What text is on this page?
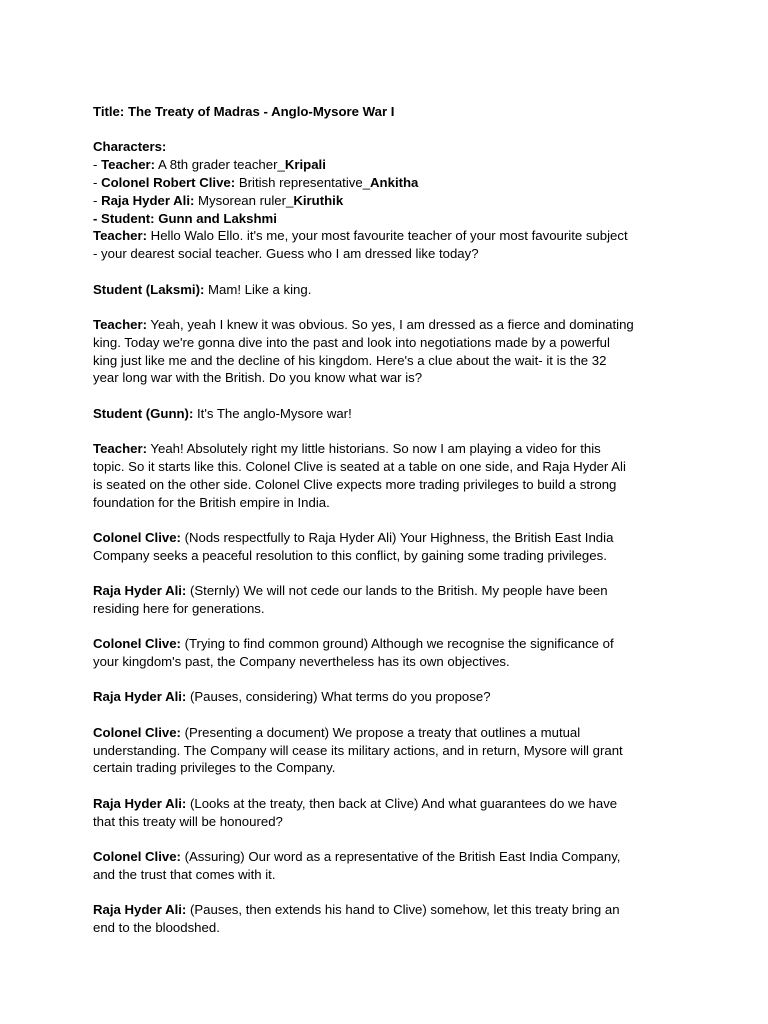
Title: The Treaty of Madras - Anglo-Mysore War I
Characters:
- Teacher: A 8th grader teacher_Kripali
- Colonel Robert Clive: British representative_Ankitha
- Raja Hyder Ali: Mysorean ruler_Kiruthik
- Student: Gunn and Lakshmi
Teacher: Hello Walo Ello. it's me, your most favourite teacher of your most favourite subject
- your dearest social teacher. Guess who I am dressed like today?
Student (Laksmi): Mam! Like a king.
Teacher: Yeah, yeah I knew it was obvious. So yes, I am dressed as a fierce and dominating
king. Today we're gonna dive into the past and look into negotiations made by a powerful
king just like me and the decline of his kingdom. Here's a clue about the wait- it is the 32
year long war with the British. Do you know what war is?
Student (Gunn): It's The anglo-Mysore war!
Teacher: Yeah! Absolutely right my little historians. So now I am playing a video for this
topic. So it starts like this. Colonel Clive is seated at a table on one side, and Raja Hyder Ali
is seated on the other side. Colonel Clive expects more trading privileges to build a strong
foundation for the British empire in India.
Colonel Clive: (Nods respectfully to Raja Hyder Ali) Your Highness, the British East India
Company seeks a peaceful resolution to this conflict, by gaining some trading privileges.
Raja Hyder Ali: (Sternly) We will not cede our lands to the British. My people have been
residing here for generations.
Colonel Clive: (Trying to find common ground) Although we recognise the significance of
your kingdom's past, the Company nevertheless has its own objectives.
Raja Hyder Ali: (Pauses, considering) What terms do you propose?
Colonel Clive: (Presenting a document) We propose a treaty that outlines a mutual
understanding. The Company will cease its military actions, and in return, Mysore will grant
certain trading privileges to the Company.
Raja Hyder Ali: (Looks at the treaty, then back at Clive) And what guarantees do we have
that this treaty will be honoured?
Colonel Clive: (Assuring) Our word as a representative of the British East India Company,
and the trust that comes with it.
Raja Hyder Ali: (Pauses, then extends his hand to Clive) somehow, let this treaty bring an
end to the bloodshed.
